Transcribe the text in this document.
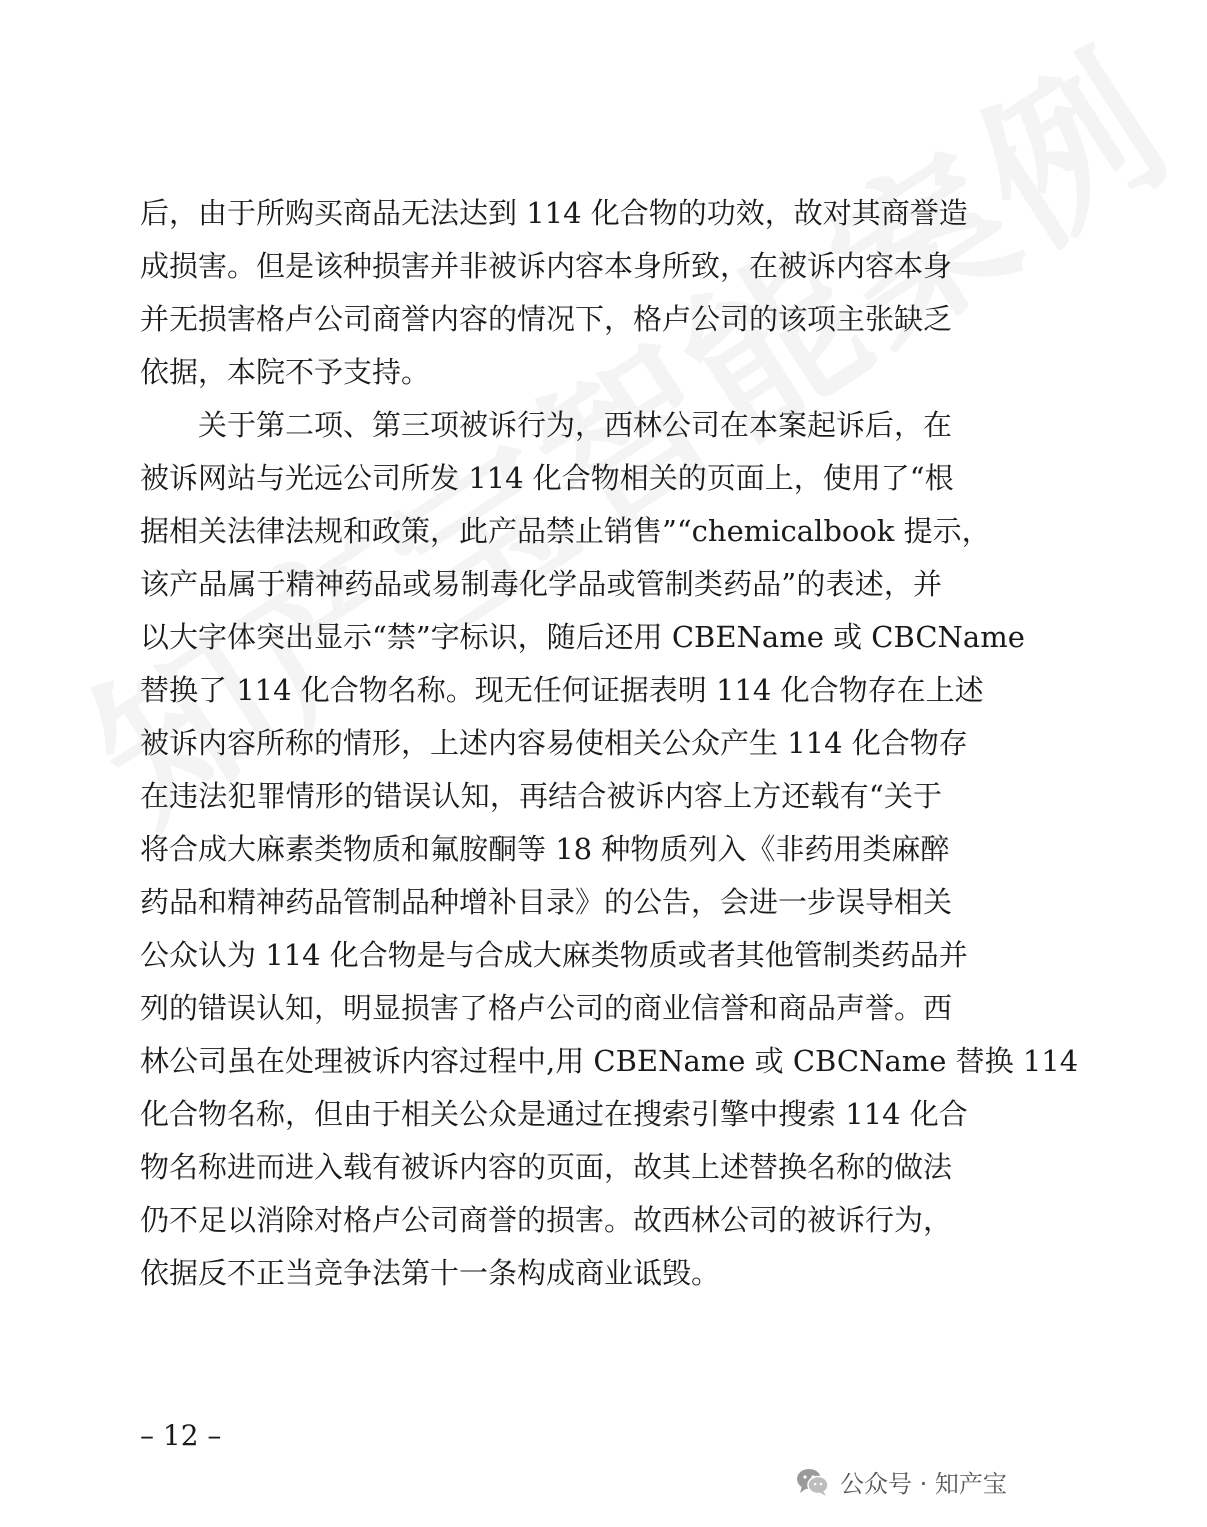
后，由于所购买商品无法达到 114 化合物的功效，故对其商誉造
成损害。但是该种损害并非被诉内容本身所致，在被诉内容本身
并无损害格卢公司商誉内容的情况下，格卢公司的该项主张缺乏
依据，本院不予支持。
关于第二项、第三项被诉行为，西林公司在本案起诉后，在
被诉网站与光远公司所发 114 化合物相关的页面上，使用了“根
据相关法律法规和政策，此产品禁止销售”“chemicalbook 提示，
该产品属于精神药品或易制毒化学品或管制类药品”的表述，并
以大字体突出显示“禁”字标识，随后还用 CBEName 或 CBCName
替换了 114 化合物名称。现无任何证据表明 114 化合物存在上述
被诉内容所称的情形，上述内容易使相关公众产生 114 化合物存
在违法犯罪情形的错误认知，再结合被诉内容上方还载有“关于
将合成大麻素类物质和氟胺酮等 18 种物质列入《非药用类麻醉
药品和精神药品管制品种增补目录》的公告，会进一步误导相关
公众认为 114 化合物是与合成大麻类物质或者其他管制类药品并
列的错误认知，明显损害了格卢公司的商业信誉和商品声誉。西
林公司虽在处理被诉内容过程中,用 CBEName 或 CBCName 替换 114
化合物名称，但由于相关公众是通过在搜索引擎中搜索 114 化合
物名称进而进入载有被诉内容的页面，故其上述替换名称的做法
仍不足以消除对格卢公司商誉的损害。故西林公司的被诉行为，
依据反不正当竞争法第十一条构成商业诋毁。
– 12 –
公众号 · 知产宝
